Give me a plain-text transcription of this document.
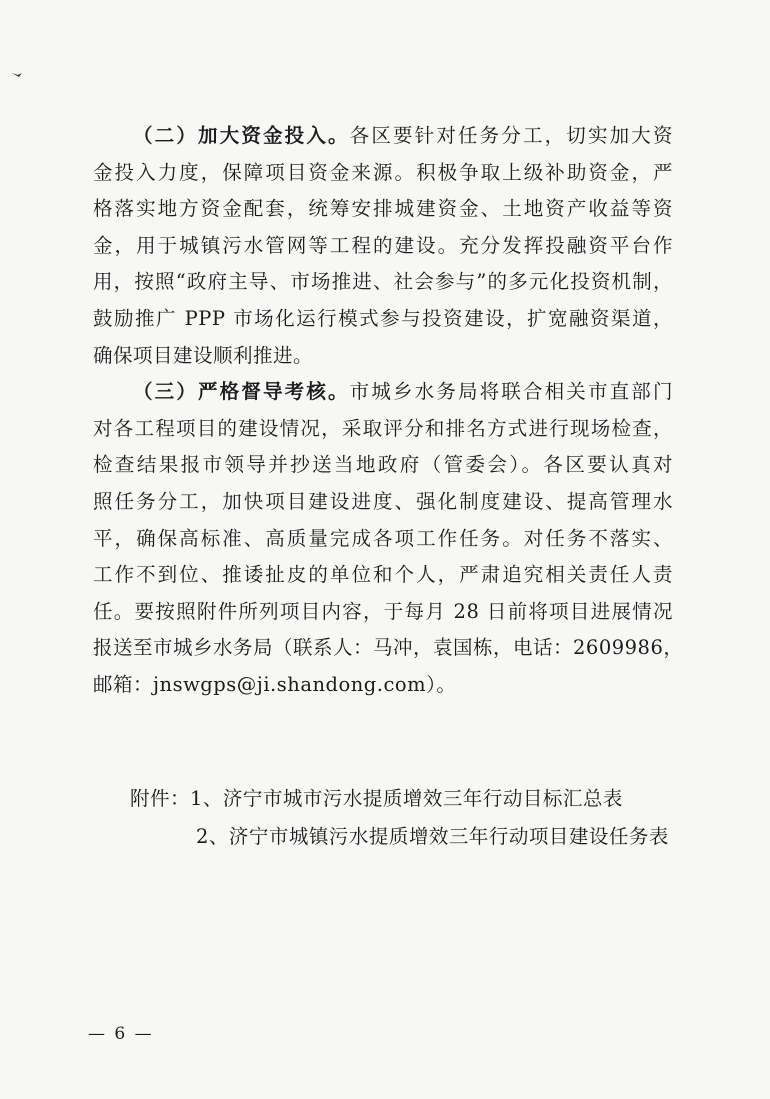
（二）加大资金投入。各区要针对任务分工，切实加大资
金投入力度，保障项目资金来源。积极争取上级补助资金，严
格落实地方资金配套，统筹安排城建资金、土地资产收益等资
金，用于城镇污水管网等工程的建设。充分发挥投融资平台作
用，按照“政府主导、市场推进、社会参与”的多元化投资机制，
鼓励推广 PPP 市场化运行模式参与投资建设，扩宽融资渠道，
确保项目建设顺利推进。
（三）严格督导考核。市城乡水务局将联合相关市直部门
对各工程项目的建设情况，采取评分和排名方式进行现场检查，
检查结果报市领导并抄送当地政府（管委会）。各区要认真对
照任务分工，加快项目建设进度、强化制度建设、提高管理水
平，确保高标准、高质量完成各项工作任务。对任务不落实、
工作不到位、推诿扯皮的单位和个人，严肃追究相关责任人责
任。要按照附件所列项目内容，于每月 28 日前将项目进展情况
报送至市城乡水务局（联系人：马冲，袁国栋，电话：2609986，
邮箱：jnswgps@ji.shandong.com）。
附件：1、济宁市城市污水提质增效三年行动目标汇总表
2、济宁市城镇污水提质增效三年行动项目建设任务表
— 6 —
